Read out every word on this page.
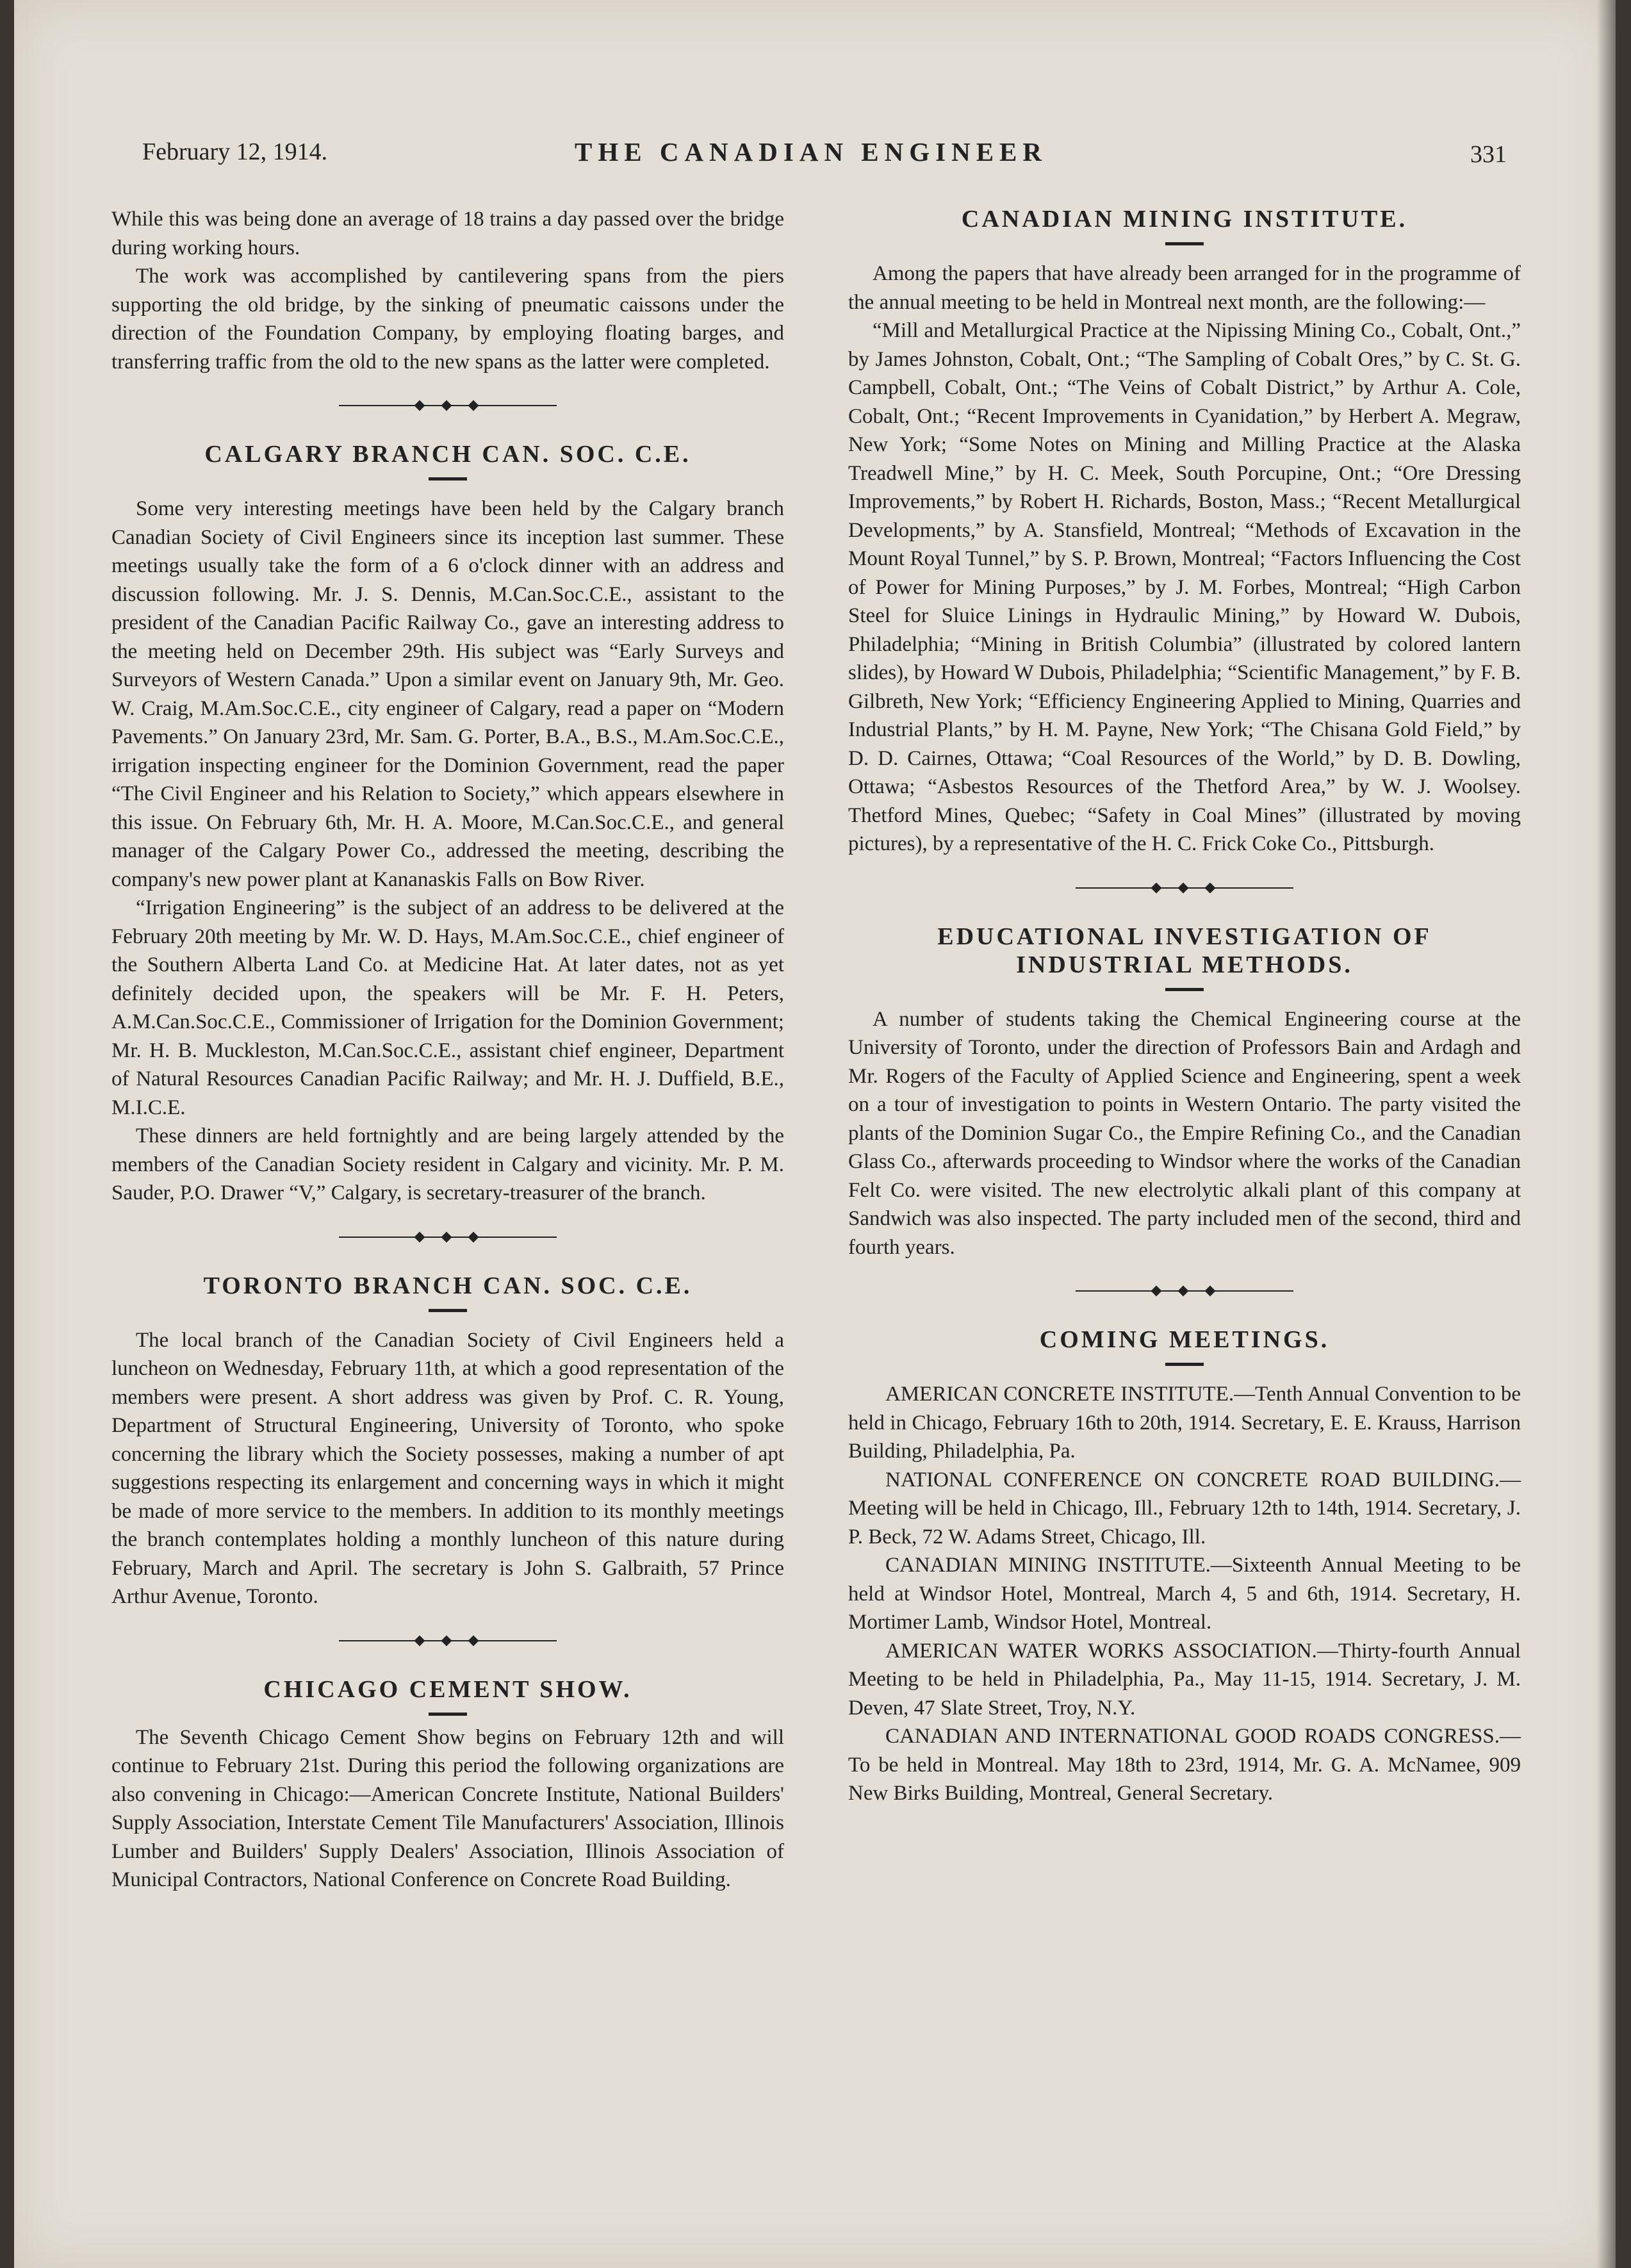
February 12, 1914.	THE CANADIAN ENGINEER	331

While this was being done an average of 18 trains a day passed over the bridge during working hours.

The work was accomplished by cantilevering spans from the piers supporting the old bridge, by the sinking of pneumatic caissons under the direction of the Foundation Company, by employing floating barges, and transferring traffic from the old to the new spans as the latter were completed.

CALGARY BRANCH CAN. SOC. C.E.

Some very interesting meetings have been held by the Calgary branch Canadian Society of Civil Engineers since its inception last summer. These meetings usually take the form of a 6 o'clock dinner with an address and discussion following. Mr. J. S. Dennis, M.Can.Soc.C.E., assistant to the president of the Canadian Pacific Railway Co., gave an interesting address to the meeting held on December 29th. His subject was “Early Surveys and Surveyors of Western Canada.” Upon a similar event on January 9th, Mr. Geo. W. Craig, M.Am.Soc.C.E., city engineer of Calgary, read a paper on “Modern Pavements.” On January 23rd, Mr. Sam. G. Porter, B.A., B.S., M.Am.Soc.C.E., irrigation inspecting engineer for the Dominion Government, read the paper “The Civil Engineer and his Relation to Society,” which appears elsewhere in this issue. On February 6th, Mr. H. A. Moore, M.Can.Soc.C.E., and general manager of the Calgary Power Co., addressed the meeting, describing the company's new power plant at Kananaskis Falls on Bow River.

“Irrigation Engineering” is the subject of an address to be delivered at the February 20th meeting by Mr. W. D. Hays, M.Am.Soc.C.E., chief engineer of the Southern Alberta Land Co. at Medicine Hat. At later dates, not as yet definitely decided upon, the speakers will be Mr. F. H. Peters, A.M.Can.Soc.C.E., Commissioner of Irrigation for the Dominion Government; Mr. H. B. Muckleston, M.Can.Soc.C.E., assistant chief engineer, Department of Natural Resources Canadian Pacific Railway; and Mr. H. J. Duffield, B.E., M.I.C.E.

These dinners are held fortnightly and are being largely attended by the members of the Canadian Society resident in Calgary and vicinity. Mr. P. M. Sauder, P.O. Drawer “V,” Calgary, is secretary-treasurer of the branch.

TORONTO BRANCH CAN. SOC. C.E.

The local branch of the Canadian Society of Civil Engineers held a luncheon on Wednesday, February 11th, at which a good representation of the members were present. A short address was given by Prof. C. R. Young, Department of Structural Engineering, University of Toronto, who spoke concerning the library which the Society possesses, making a number of apt suggestions respecting its enlargement and concerning ways in which it might be made of more service to the members. In addition to its monthly meetings the branch contemplates holding a monthly luncheon of this nature during February, March and April. The secretary is John S. Galbraith, 57 Prince Arthur Avenue, Toronto.

CHICAGO CEMENT SHOW.

The Seventh Chicago Cement Show begins on February 12th and will continue to February 21st. During this period the following organizations are also convening in Chicago:—American Concrete Institute, National Builders' Supply Association, Interstate Cement Tile Manufacturers' Association, Illinois Lumber and Builders' Supply Dealers' Association, Illinois Association of Municipal Contractors, National Conference on Concrete Road Building.

CANADIAN MINING INSTITUTE.

Among the papers that have already been arranged for in the programme of the annual meeting to be held in Montreal next month, are the following:—

“Mill and Metallurgical Practice at the Nipissing Mining Co., Cobalt, Ont.,” by James Johnston, Cobalt, Ont.; “The Sampling of Cobalt Ores,” by C. St. G. Campbell, Cobalt, Ont.; “The Veins of Cobalt District,” by Arthur A. Cole, Cobalt, Ont.; “Recent Improvements in Cyanidation,” by Herbert A. Megraw, New York; “Some Notes on Mining and Milling Practice at the Alaska Treadwell Mine,” by H. C. Meek, South Porcupine, Ont.; “Ore Dressing Improvements,” by Robert H. Richards, Boston, Mass.; “Recent Metallurgical Developments,” by A. Stansfield, Montreal; “Methods of Excavation in the Mount Royal Tunnel,” by S. P. Brown, Montreal; “Factors Influencing the Cost of Power for Mining Purposes,” by J. M. Forbes, Montreal; “High Carbon Steel for Sluice Linings in Hydraulic Mining,” by Howard W. Dubois, Philadelphia; “Mining in British Columbia” (illustrated by colored lantern slides), by Howard W Dubois, Philadelphia; “Scientific Management,” by F. B. Gilbreth, New York; “Efficiency Engineering Applied to Mining, Quarries and Industrial Plants,” by H. M. Payne, New York; “The Chisana Gold Field,” by D. D. Cairnes, Ottawa; “Coal Resources of the World,” by D. B. Dowling, Ottawa; “Asbestos Resources of the Thetford Area,” by W. J. Woolsey. Thetford Mines, Quebec; “Safety in Coal Mines” (illustrated by moving pictures), by a representative of the H. C. Frick Coke Co., Pittsburgh.

EDUCATIONAL INVESTIGATION OF INDUSTRIAL METHODS.

A number of students taking the Chemical Engineering course at the University of Toronto, under the direction of Professors Bain and Ardagh and Mr. Rogers of the Faculty of Applied Science and Engineering, spent a week on a tour of investigation to points in Western Ontario. The party visited the plants of the Dominion Sugar Co., the Empire Refining Co., and the Canadian Glass Co., afterwards proceeding to Windsor where the works of the Canadian Felt Co. were visited. The new electrolytic alkali plant of this company at Sandwich was also inspected. The party included men of the second, third and fourth years.

COMING MEETINGS.

AMERICAN CONCRETE INSTITUTE.—Tenth Annual Convention to be held in Chicago, February 16th to 20th, 1914. Secretary, E. E. Krauss, Harrison Building, Philadelphia, Pa.

NATIONAL CONFERENCE ON CONCRETE ROAD BUILDING.—Meeting will be held in Chicago, Ill., February 12th to 14th, 1914. Secretary, J. P. Beck, 72 W. Adams Street, Chicago, Ill.

CANADIAN MINING INSTITUTE.—Sixteenth Annual Meeting to be held at Windsor Hotel, Montreal, March 4, 5 and 6th, 1914. Secretary, H. Mortimer Lamb, Windsor Hotel, Montreal.

AMERICAN WATER WORKS ASSOCIATION.—Thirty-fourth Annual Meeting to be held in Philadelphia, Pa., May 11-15, 1914. Secretary, J. M. Deven, 47 Slate Street, Troy, N.Y.

CANADIAN AND INTERNATIONAL GOOD ROADS CONGRESS.—To be held in Montreal. May 18th to 23rd, 1914, Mr. G. A. McNamee, 909 New Birks Building, Montreal, General Secretary.
